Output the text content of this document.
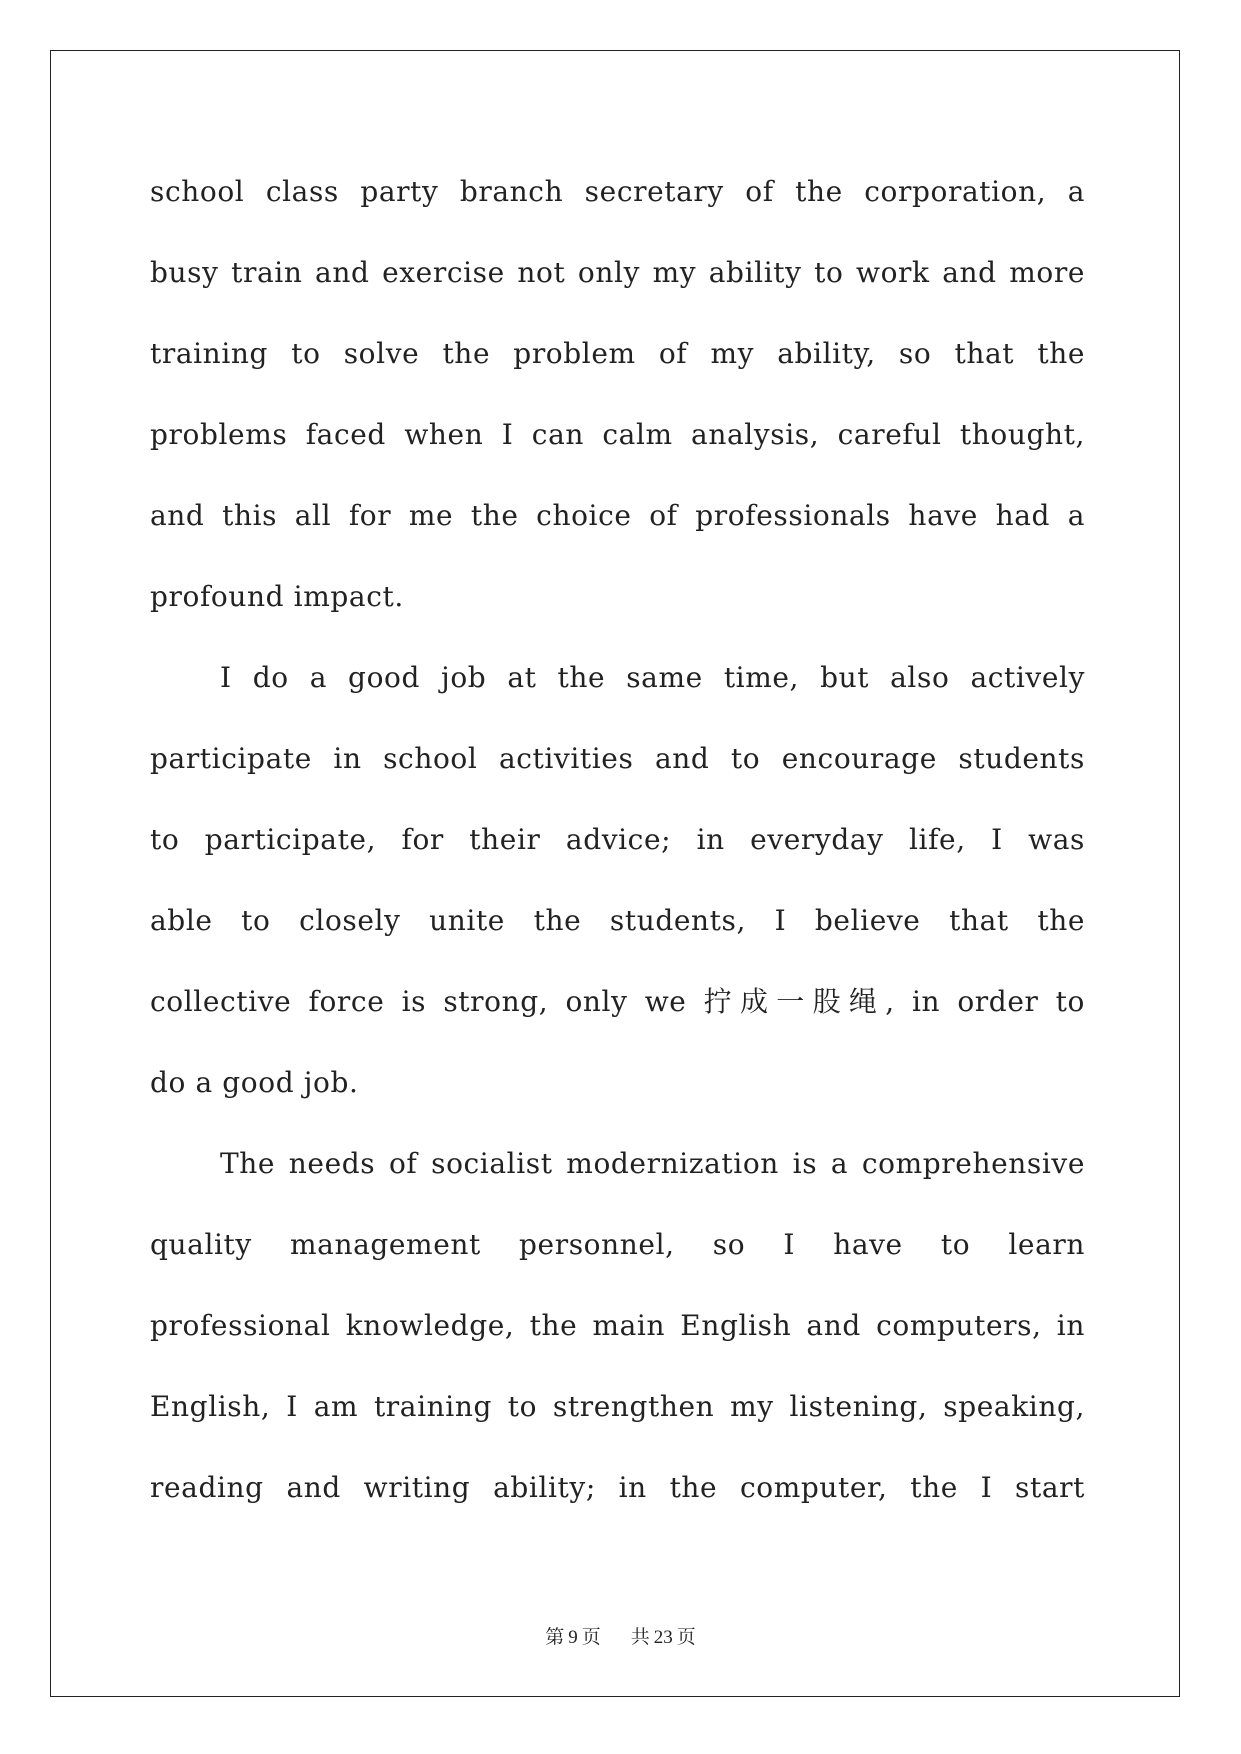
school class party branch secretary of the corporation, a
busy train and exercise not only my ability to work and more
training to solve the problem of my ability, so that the
problems faced when I can calm analysis, careful thought,
and this all for me the choice of professionals have had a
profound impact.
I do a good job at the same time, but also actively
participate in school activities and to encourage students
to participate, for their advice; in everyday life, I was
able to closely unite the students, I believe that the
collective force is strong, only we 拧成一股绳, in order to
do a good job.
The needs of socialist modernization is a comprehensive
quality management personnel, so I have to learn
professional knowledge, the main English and computers, in
English, I am training to strengthen my listening, speaking,
reading and writing ability; in the computer, the I start
第 9 页 共 23 页
